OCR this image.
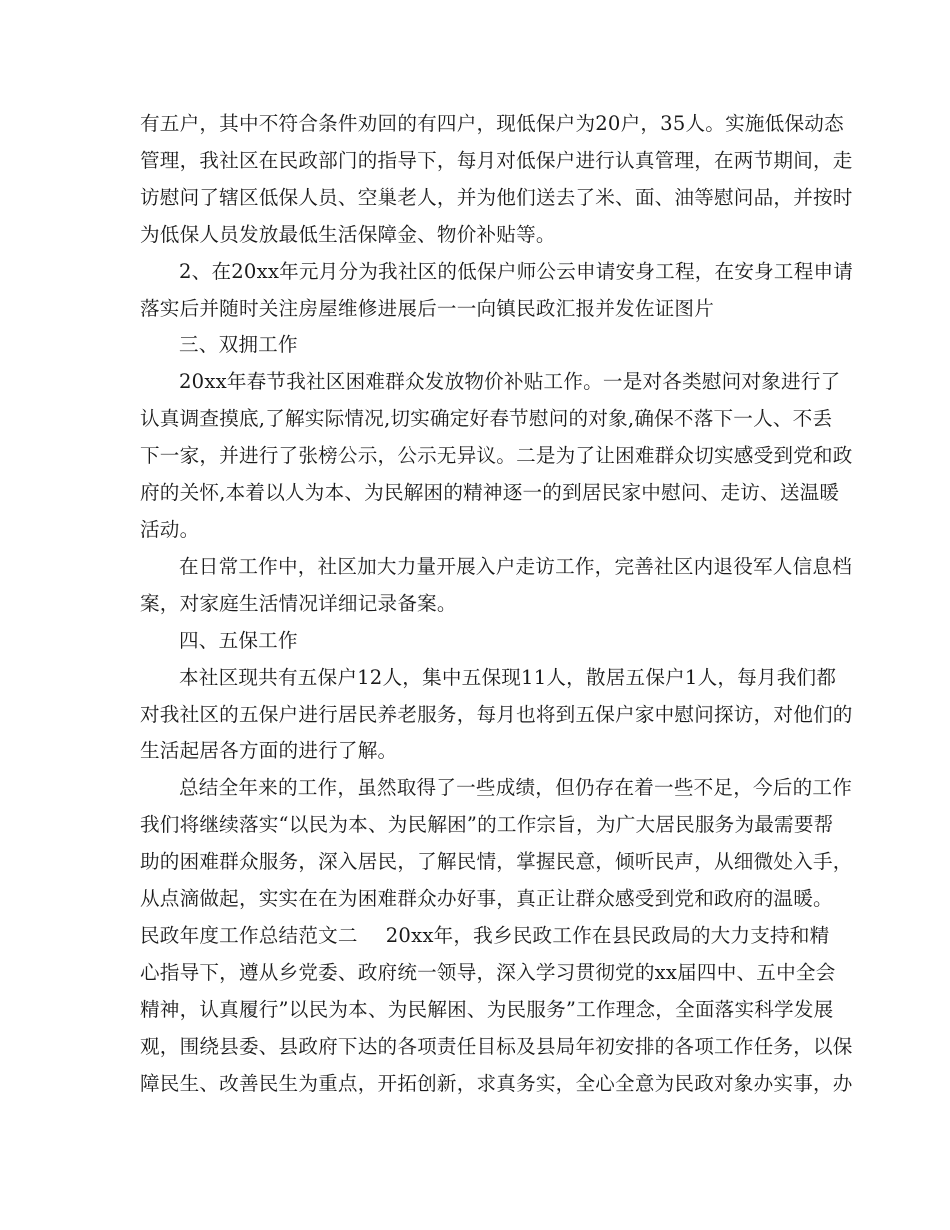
有五户，其中不符合条件劝回的有四户，现低保户为20户，35人。实施低保动态
管理，我社区在民政部门的指导下，每月对低保户进行认真管理，在两节期间，走
访慰问了辖区低保人员、空巢老人，并为他们送去了米、面、油等慰问品，并按时
为低保人员发放最低生活保障金、物价补贴等。
2、在20xx年元月分为我社区的低保户师公云申请安身工程，在安身工程申请
落实后并随时关注房屋维修进展后一一向镇民政汇报并发佐证图片
三、双拥工作
20xx年春节我社区困难群众发放物价补贴工作。一是对各类慰问对象进行了
认真调查摸底,了解实际情况,切实确定好春节慰问的对象,确保不落下一人、不丢
下一家，并进行了张榜公示，公示无异议。二是为了让困难群众切实感受到党和政
府的关怀,本着以人为本、为民解困的精神逐一的到居民家中慰问、走访、送温暖
活动。
在日常工作中，社区加大力量开展入户走访工作，完善社区内退役军人信息档
案，对家庭生活情况详细记录备案。
四、五保工作
本社区现共有五保户12人，集中五保现11人，散居五保户1人，每月我们都
对我社区的五保户进行居民养老服务，每月也将到五保户家中慰问探访，对他们的
生活起居各方面的进行了解。
总结全年来的工作，虽然取得了一些成绩，但仍存在着一些不足，今后的工作
我们将继续落实“以民为本、为民解困”的工作宗旨，为广大居民服务为最需要帮
助的困难群众服务，深入居民，了解民情，掌握民意，倾听民声，从细微处入手，
从点滴做起，实实在在为困难群众办好事，真正让群众感受到党和政府的温暖。
民政年度工作总结范文二 20xx年，我乡民政工作在县民政局的大力支持和精
心指导下，遵从乡党委、政府统一领导，深入学习贯彻党的xx届四中、五中全会
精神，认真履行”以民为本、为民解困、为民服务”工作理念，全面落实科学发展
观，围绕县委、县政府下达的各项责任目标及县局年初安排的各项工作任务，以保
障民生、改善民生为重点，开拓创新，求真务实，全心全意为民政对象办实事，办
